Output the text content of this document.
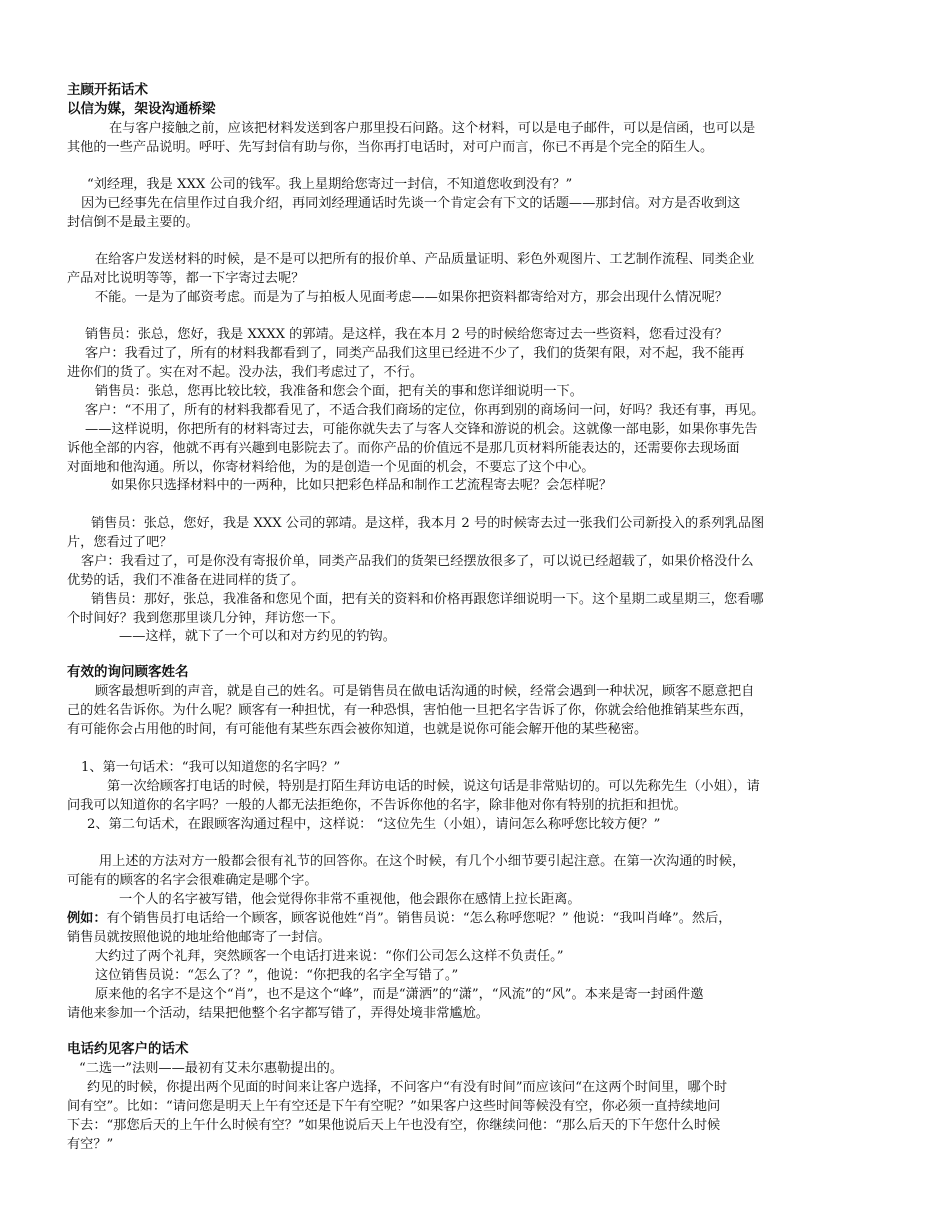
主顾开拓话术
以信为媒，架设沟通桥梁
在与客户接触之前，应该把材料发送到客户那里投石问路。这个材料，可以是电子邮件，可以是信函，也可以是
其他的一些产品说明。呼吁、先写封信有助与你，当你再打电话时，对可户而言，你已不再是个完全的陌生人。
“刘经理，我是 XXX 公司的钱军。我上星期给您寄过一封信，不知道您收到没有？”
因为已经事先在信里作过自我介绍，再同刘经理通话时先谈一个肯定会有下文的话题——那封信。对方是否收到这
封信倒不是最主要的。
在给客户发送材料的时候，是不是可以把所有的报价单、产品质量证明、彩色外观图片、工艺制作流程、同类企业
产品对比说明等等，都一下字寄过去呢？
不能。一是为了邮资考虑。而是为了与拍板人见面考虑——如果你把资料都寄给对方，那会出现什么情况呢？
销售员：张总，您好，我是 XXXX 的郭靖。是这样，我在本月 2 号的时候给您寄过去一些资料，您看过没有？
客户：我看过了，所有的材料我都看到了，同类产品我们这里已经进不少了，我们的货架有限，对不起，我不能再
进你们的货了。实在对不起。没办法，我们考虑过了，不行。
销售员：张总，您再比较比较，我准备和您会个面，把有关的事和您详细说明一下。
客户：“不用了，所有的材料我都看见了，不适合我们商场的定位，你再到别的商场问一问，好吗？我还有事，再见。
——这样说明，你把所有的材料寄过去，可能你就失去了与客人交锋和游说的机会。这就像一部电影，如果你事先告
诉他全部的内容，他就不再有兴趣到电影院去了。而你产品的价值远不是那几页材料所能表达的，还需要你去现场面
对面地和他沟通。所以，你寄材料给他，为的是创造一个见面的机会，不要忘了这个中心。
如果你只选择材料中的一两种，比如只把彩色样品和制作工艺流程寄去呢？会怎样呢？
销售员：张总，您好，我是 XXX 公司的郭靖。是这样，我本月 2 号的时候寄去过一张我们公司新投入的系列乳品图
片，您看过了吧？
客户：我看过了，可是你没有寄报价单，同类产品我们的货架已经摆放很多了，可以说已经超载了，如果价格没什么
优势的话，我们不准备在进同样的货了。
销售员：那好，张总，我准备和您见个面，把有关的资料和价格再跟您详细说明一下。这个星期二或星期三，您看哪
个时间好？我到您那里谈几分钟，拜访您一下。
——这样，就下了一个可以和对方约见的钓钩。
有效的询问顾客姓名
顾客最想听到的声音，就是自己的姓名。可是销售员在做电话沟通的时候，经常会遇到一种状况，顾客不愿意把自
己的姓名告诉你。为什么呢？顾客有一种担忧，有一种恐惧，害怕他一旦把名字告诉了你，你就会给他推销某些东西，
有可能你会占用他的时间，有可能他有某些东西会被你知道，也就是说你可能会解开他的某些秘密。
1、第一句话术：“我可以知道您的名字吗？”
第一次给顾客打电话的时候，特别是打陌生拜访电话的时候，说这句话是非常贴切的。可以先称先生（小姐），请
问我可以知道你的名字吗？一般的人都无法拒绝你，不告诉你他的名字，除非他对你有特别的抗拒和担忧。
2、第二句话术，在跟顾客沟通过程中，这样说： “这位先生（小姐），请问怎么称呼您比较方便？”
用上述的方法对方一般都会很有礼节的回答你。在这个时候，有几个小细节要引起注意。在第一次沟通的时候，
可能有的顾客的名字会很难确定是哪个字。
一个人的名字被写错，他会觉得你非常不重视他，他会跟你在感情上拉长距离。
例如：有个销售员打电话给一个顾客，顾客说他姓“肖”。销售员说：“怎么称呼您呢？” 他说：“我叫肖峰”。然后，
销售员就按照他说的地址给他邮寄了一封信。
大约过了两个礼拜，突然顾客一个电话打进来说：“你们公司怎么这样不负责任。”
这位销售员说：“怎么了？”，他说：“你把我的名字全写错了。”
原来他的名字不是这个“肖”，也不是这个“峰”，而是“潇洒”的“潇”，“风流”的“风”。本来是寄一封函件邀
请他来参加一个活动，结果把他整个名字都写错了，弄得处境非常尴尬。
电话约见客户的话术
“二选一”法则——最初有艾未尔惠勒提出的。
约见的时候，你提出两个见面的时间来让客户选择，不问客户“有没有时间”而应该问“在这两个时间里，哪个时
间有空”。比如：“请问您是明天上午有空还是下午有空呢？”如果客户这些时间等候没有空，你必须一直持续地问
下去：“那您后天的上午什么时候有空？”如果他说后天上午也没有空，你继续问他：“那么后天的下午您什么时候
有空？”
